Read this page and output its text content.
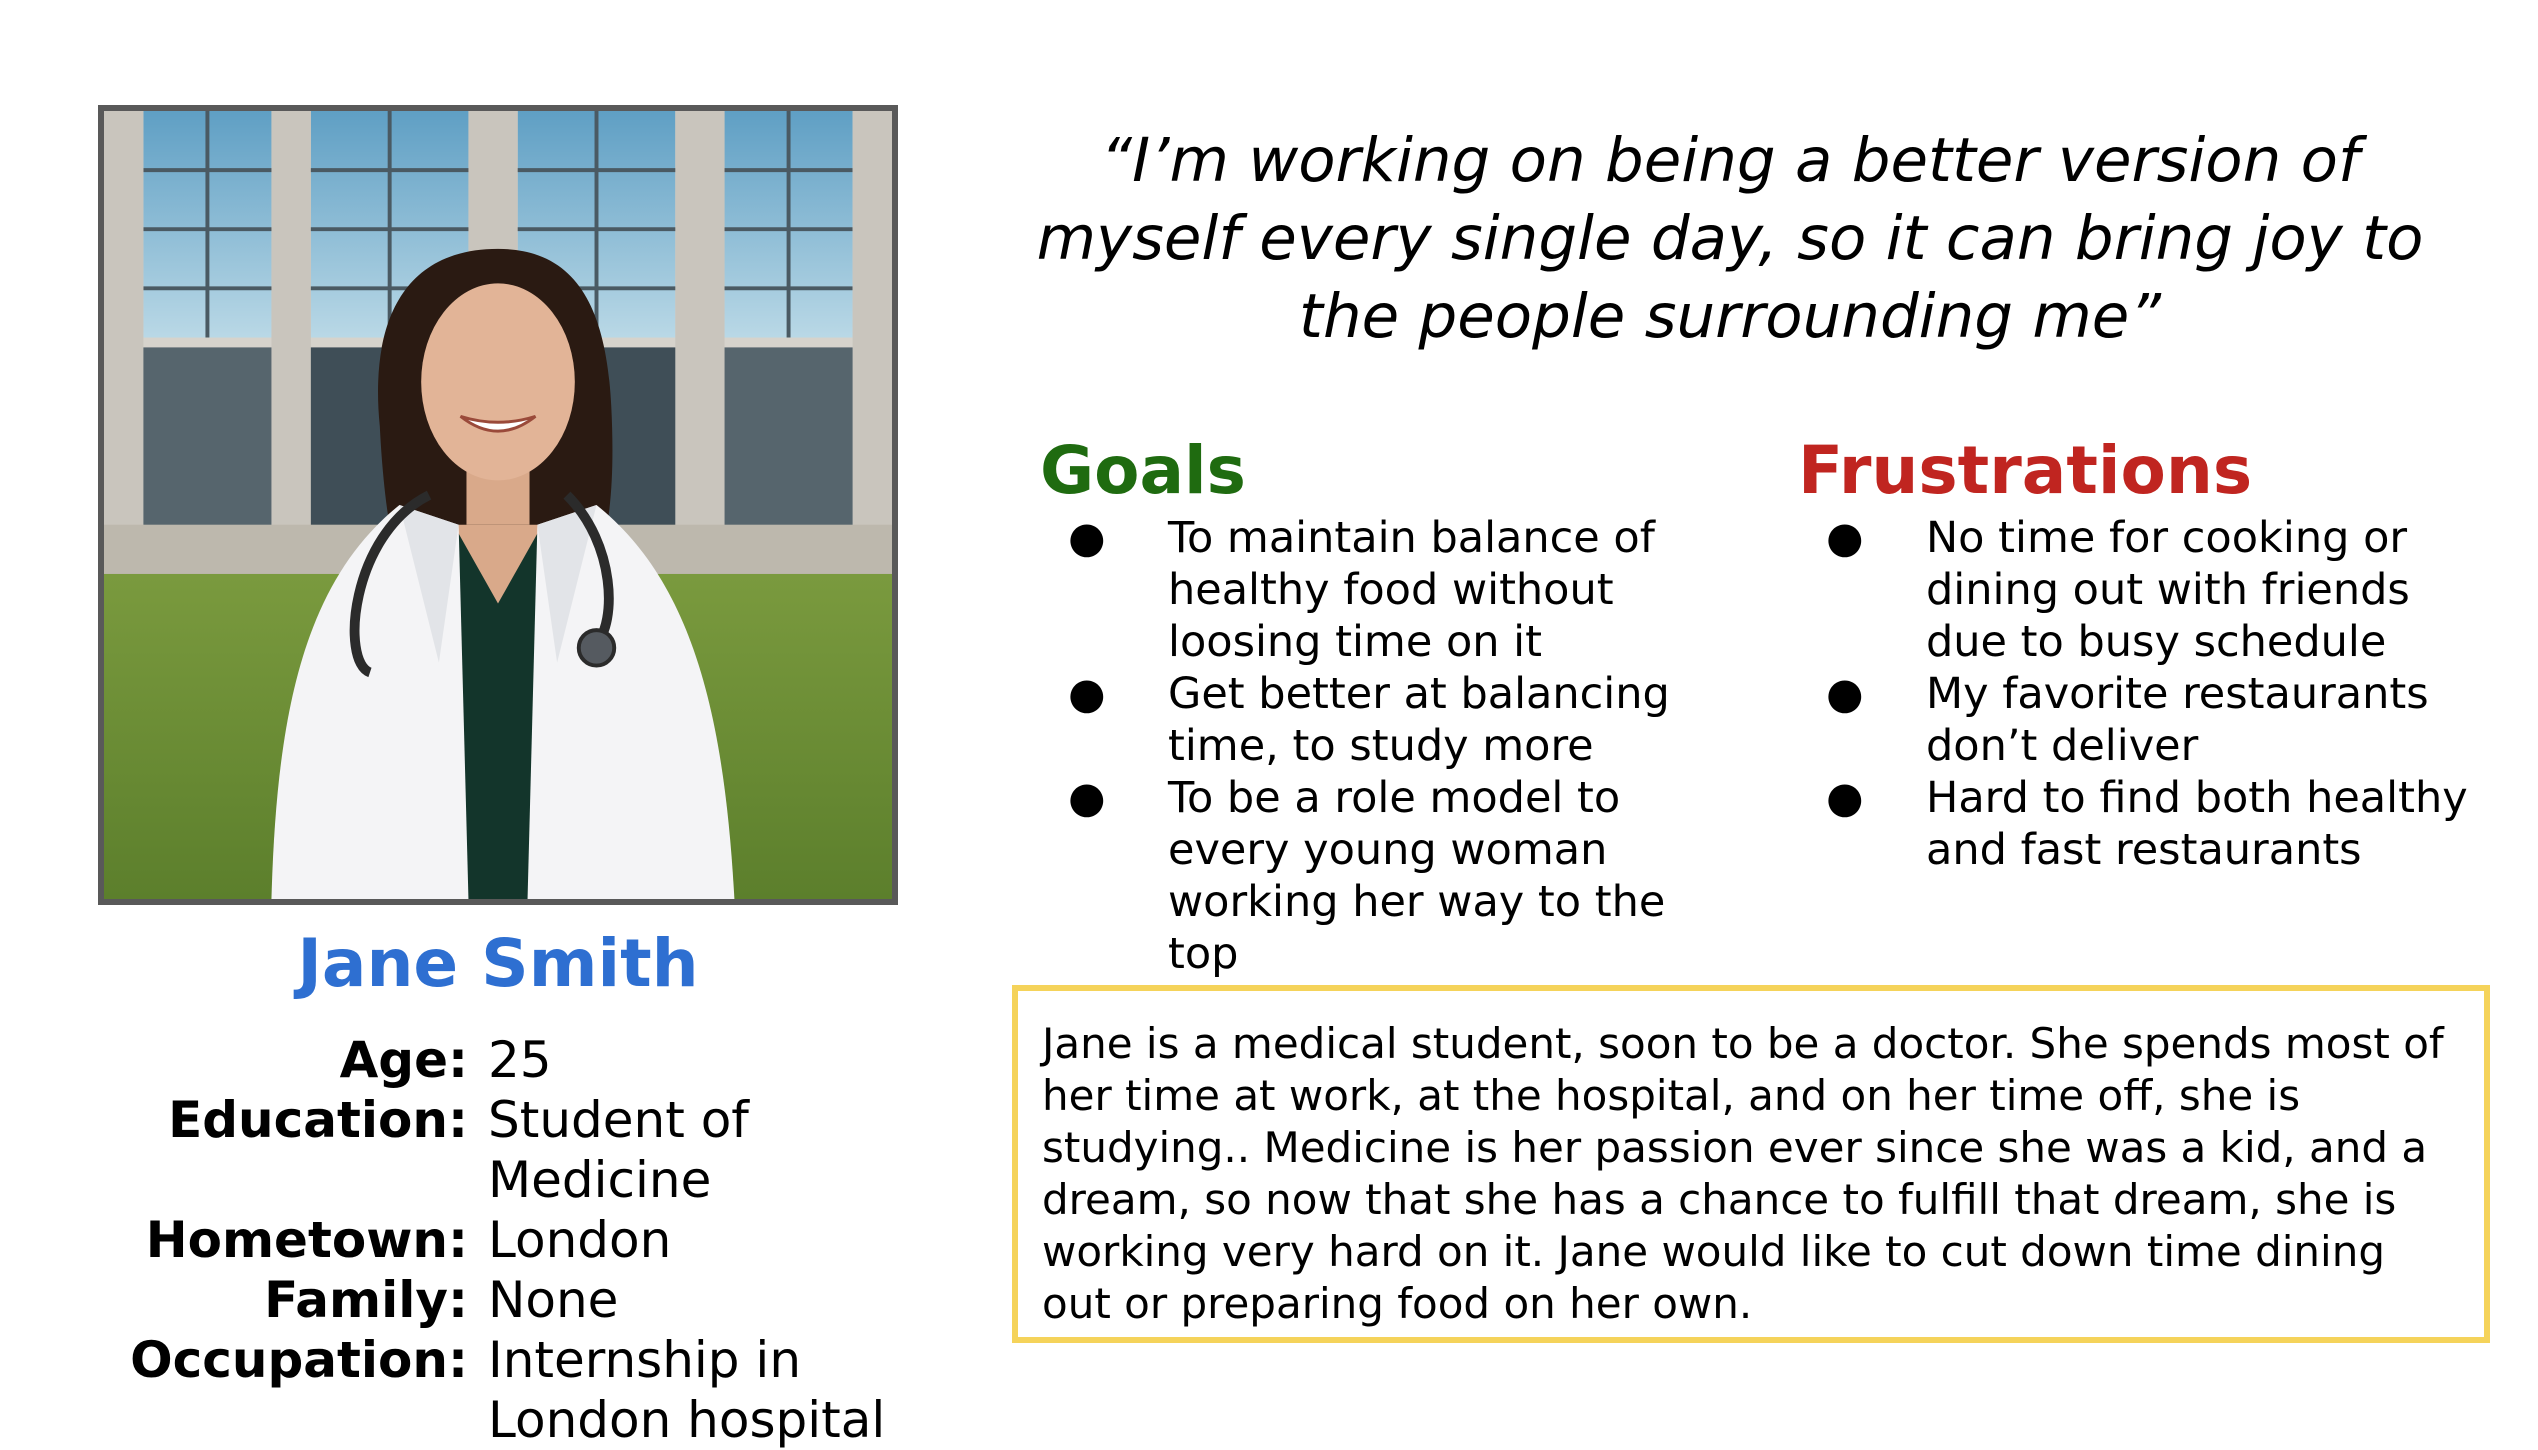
Jane Smith
Age: 25
Education: Student of Medicine
Hometown: London
Family: None
Occupation: Internship in London hospital
“I’m working on being a better version of
myself every single day, so it can bring joy to
the people surrounding me”
Goals
●	To maintain balance of healthy food without loosing time on it
●	Get better at balancing time, to study more
●	To be a role model to every young woman working her way to the top
Frustrations
●	No time for cooking or dining out with friends due to busy schedule
●	My favorite restaurants don’t deliver
●	Hard to find both healthy and fast restaurants
Jane is a medical student, soon to be a doctor. She spends most of her time at work, at the hospital, and on her time off, she is studying.. Medicine is her passion ever since she was a kid, and a dream, so now that she has a chance to fulfill that dream, she is working very hard on it. Jane would like to cut down time dining out or preparing food on her own.
